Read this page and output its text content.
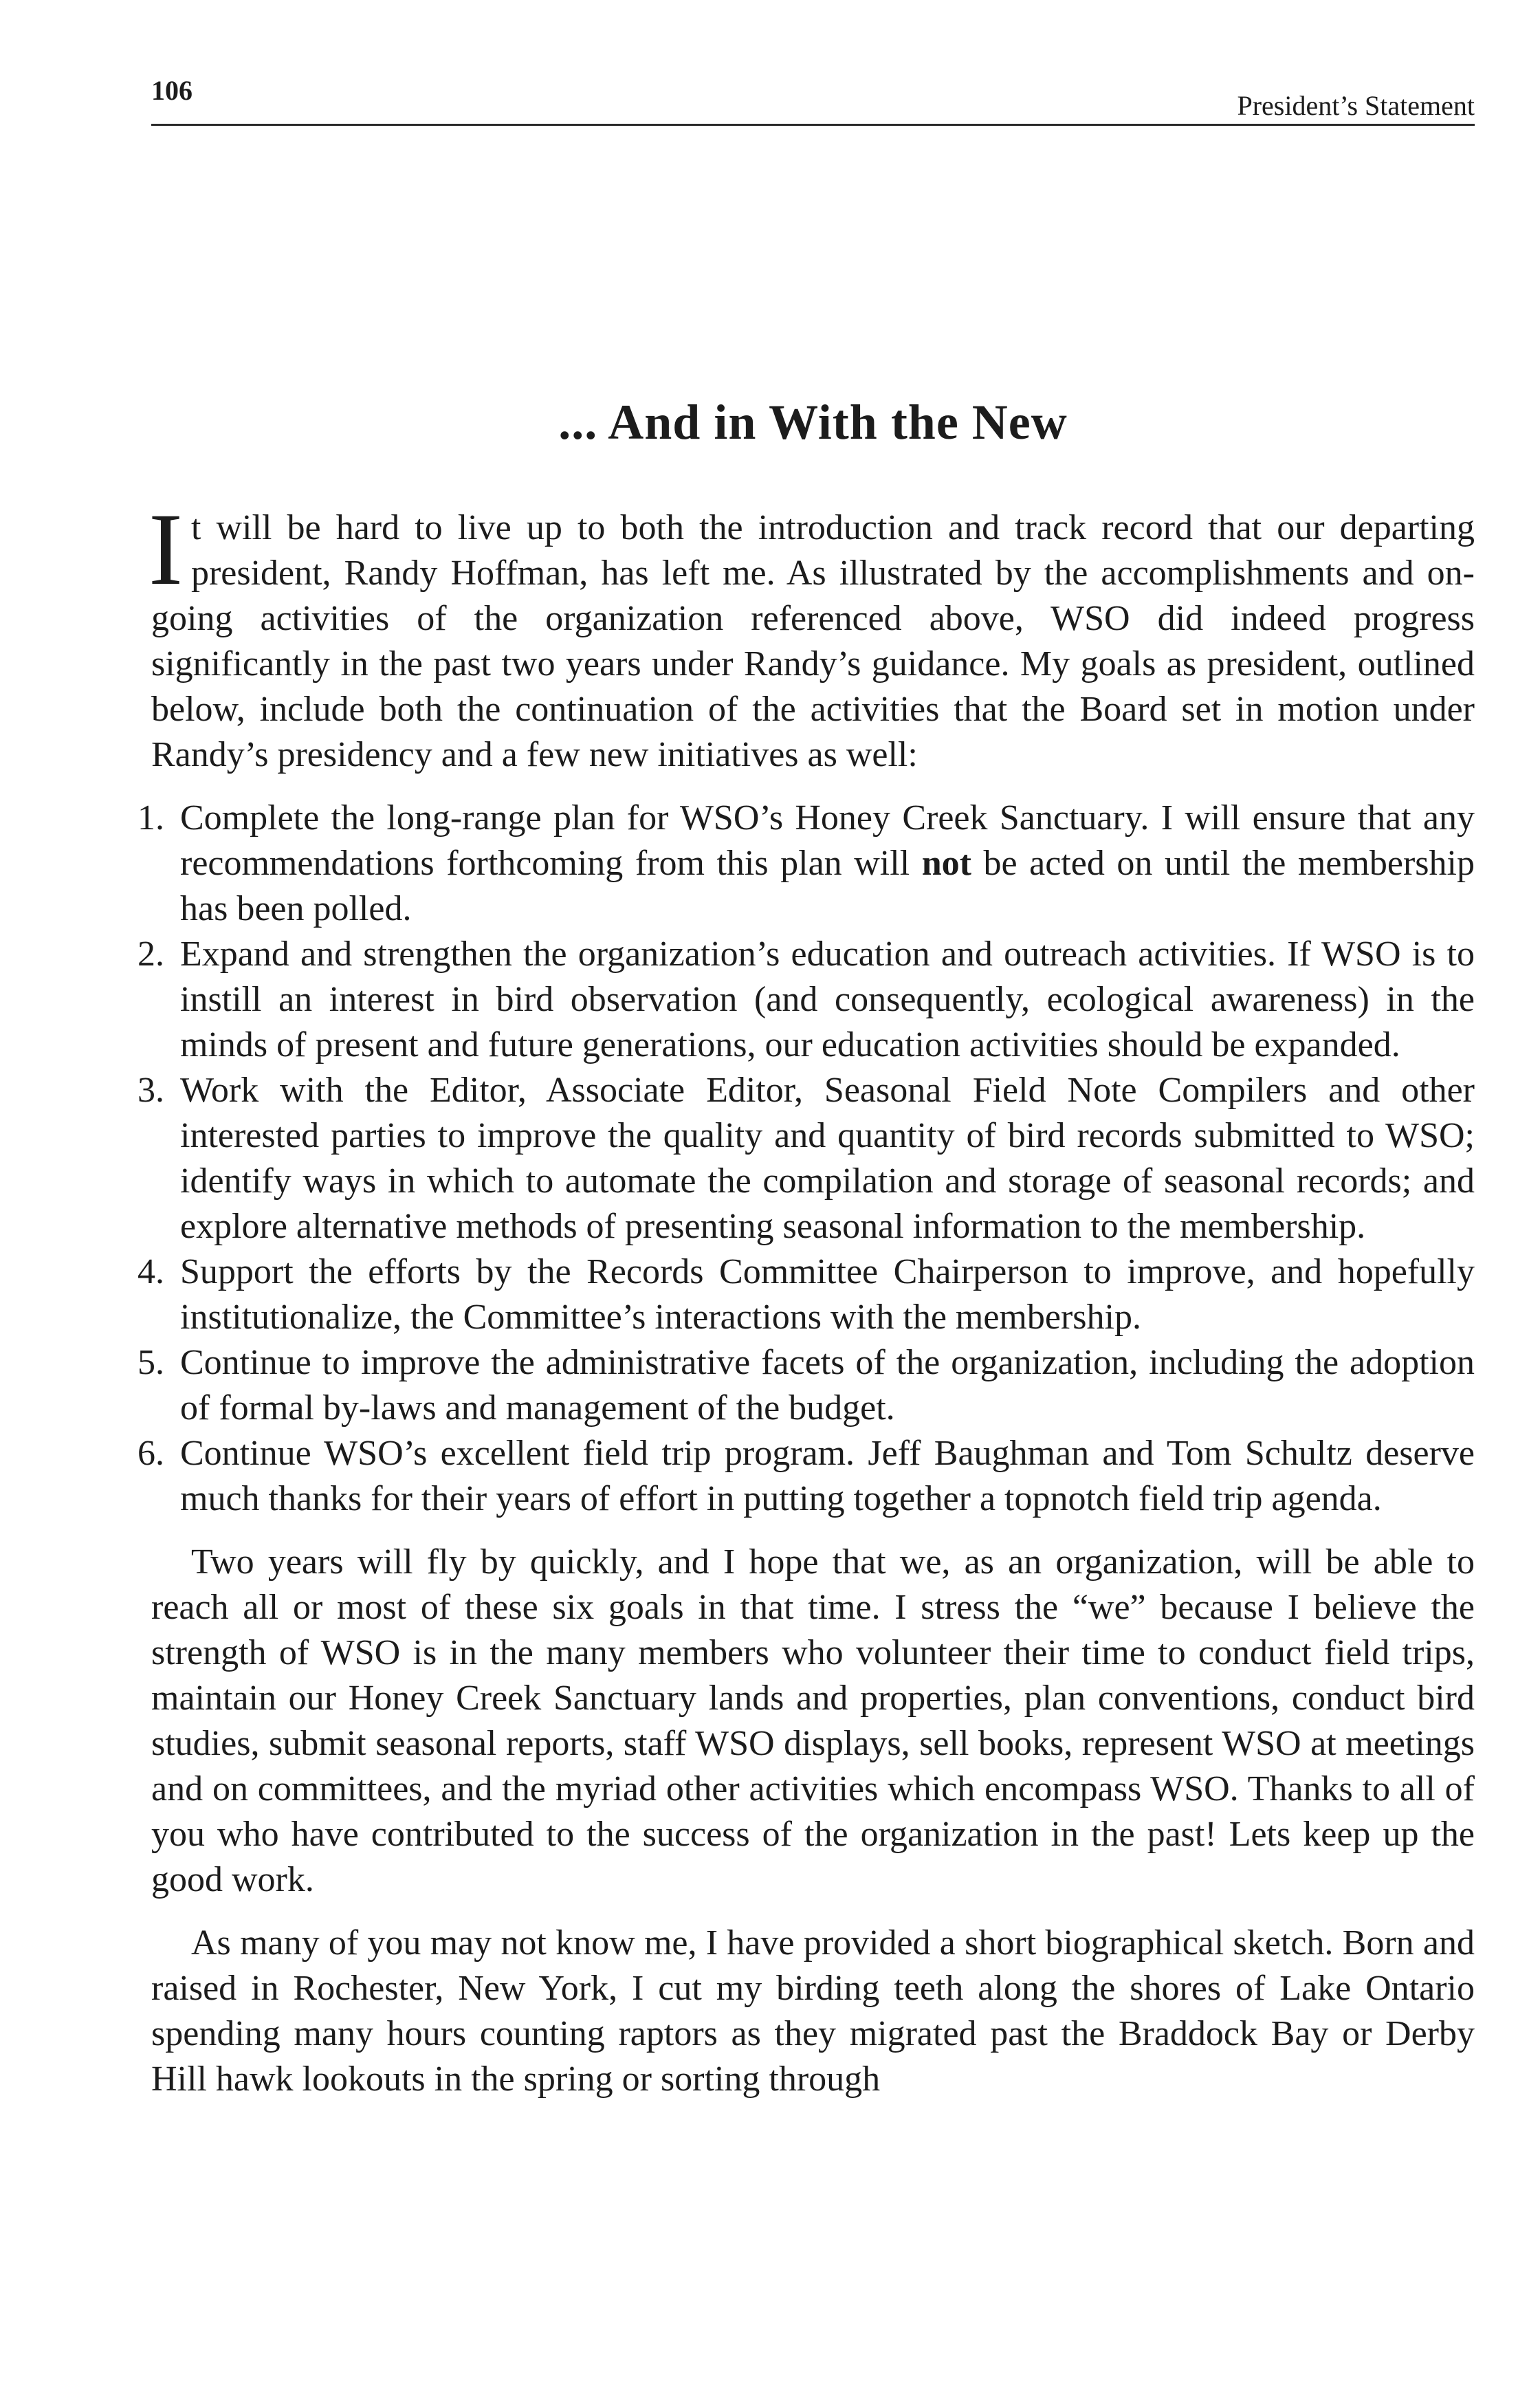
106	President’s Statement
... And in With the New

It will be hard to live up to both the introduction and track record that our departing president, Randy Hoffman, has left me. As illustrated by the accomplishments and on-going activities of the organization referenced above, WSO did indeed progress significantly in the past two years under Randy’s guidance. My goals as president, outlined below, include both the continuation of the activities that the Board set in motion under Randy’s presidency and a few new initiatives as well:

1. Complete the long-range plan for WSO’s Honey Creek Sanctuary. I will ensure that any recommendations forthcoming from this plan will not be acted on until the membership has been polled.
2. Expand and strengthen the organization’s education and outreach activities. If WSO is to instill an interest in bird observation (and consequently, ecological awareness) in the minds of present and future generations, our education activities should be expanded.
3. Work with the Editor, Associate Editor, Seasonal Field Note Compilers and other interested parties to improve the quality and quantity of bird records submitted to WSO; identify ways in which to automate the compilation and storage of seasonal records; and explore alternative methods of presenting seasonal information to the membership.
4. Support the efforts by the Records Committee Chairperson to improve, and hopefully institutionalize, the Committee’s interactions with the membership.
5. Continue to improve the administrative facets of the organization, including the adoption of formal by-laws and management of the budget.
6. Continue WSO’s excellent field trip program. Jeff Baughman and Tom Schultz deserve much thanks for their years of effort in putting together a topnotch field trip agenda.

Two years will fly by quickly, and I hope that we, as an organization, will be able to reach all or most of these six goals in that time. I stress the “we” because I believe the strength of WSO is in the many members who volunteer their time to conduct field trips, maintain our Honey Creek Sanctuary lands and properties, plan conventions, conduct bird studies, submit seasonal reports, staff WSO displays, sell books, represent WSO at meetings and on committees, and the myriad other activities which encompass WSO. Thanks to all of you who have contributed to the success of the organization in the past! Lets keep up the good work.

As many of you may not know me, I have provided a short biographical sketch. Born and raised in Rochester, New York, I cut my birding teeth along the shores of Lake Ontario spending many hours counting raptors as they migrated past the Braddock Bay or Derby Hill hawk lookouts in the spring or sorting through
